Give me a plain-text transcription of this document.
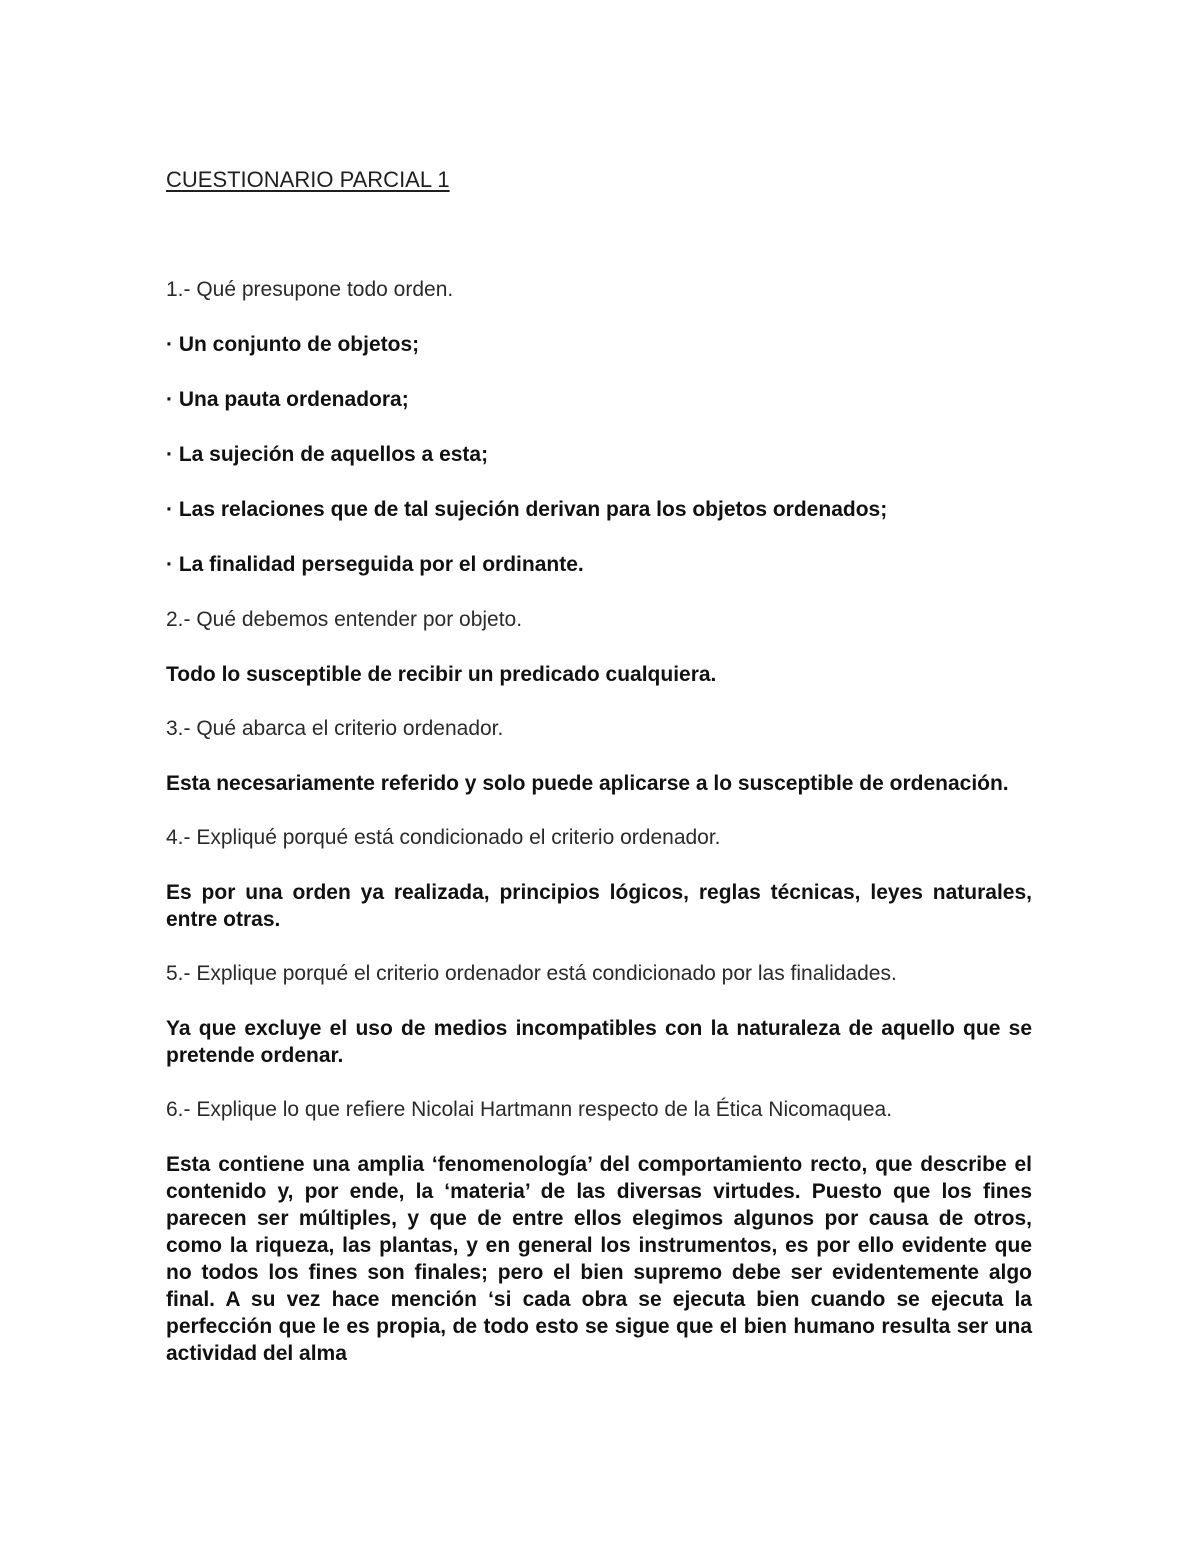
CUESTIONARIO PARCIAL 1

1.- Qué presupone todo orden.

· Un conjunto de objetos;

· Una pauta ordenadora;

· La sujeción de aquellos a esta;

· Las relaciones que de tal sujeción derivan para los objetos ordenados;

· La finalidad perseguida por el ordinante.

2.- Qué debemos entender por objeto.

Todo lo susceptible de recibir un predicado cualquiera.

3.- Qué abarca el criterio ordenador.

Esta necesariamente referido y solo puede aplicarse a lo susceptible de ordenación.

4.- Expliqué porqué está condicionado el criterio ordenador.

Es por una orden ya realizada, principios lógicos, reglas técnicas, leyes naturales, entre otras.

5.- Explique porqué el criterio ordenador está condicionado por las finalidades.

Ya que excluye el uso de medios incompatibles con la naturaleza de aquello que se pretende ordenar.

6.- Explique lo que refiere Nicolai Hartmann respecto de la Ética Nicomaquea.

Esta contiene una amplia ‘fenomenología’ del comportamiento recto, que describe el contenido y, por ende, la ‘materia’ de las diversas virtudes. Puesto que los fines parecen ser múltiples, y que de entre ellos elegimos algunos por causa de otros, como la riqueza, las plantas, y en general los instrumentos, es por ello evidente que no todos los fines son finales; pero el bien supremo debe ser evidentemente algo final. A su vez hace mención ‘si cada obra se ejecuta bien cuando se ejecuta la perfección que le es propia, de todo esto se sigue que el bien humano resulta ser una actividad del alma
